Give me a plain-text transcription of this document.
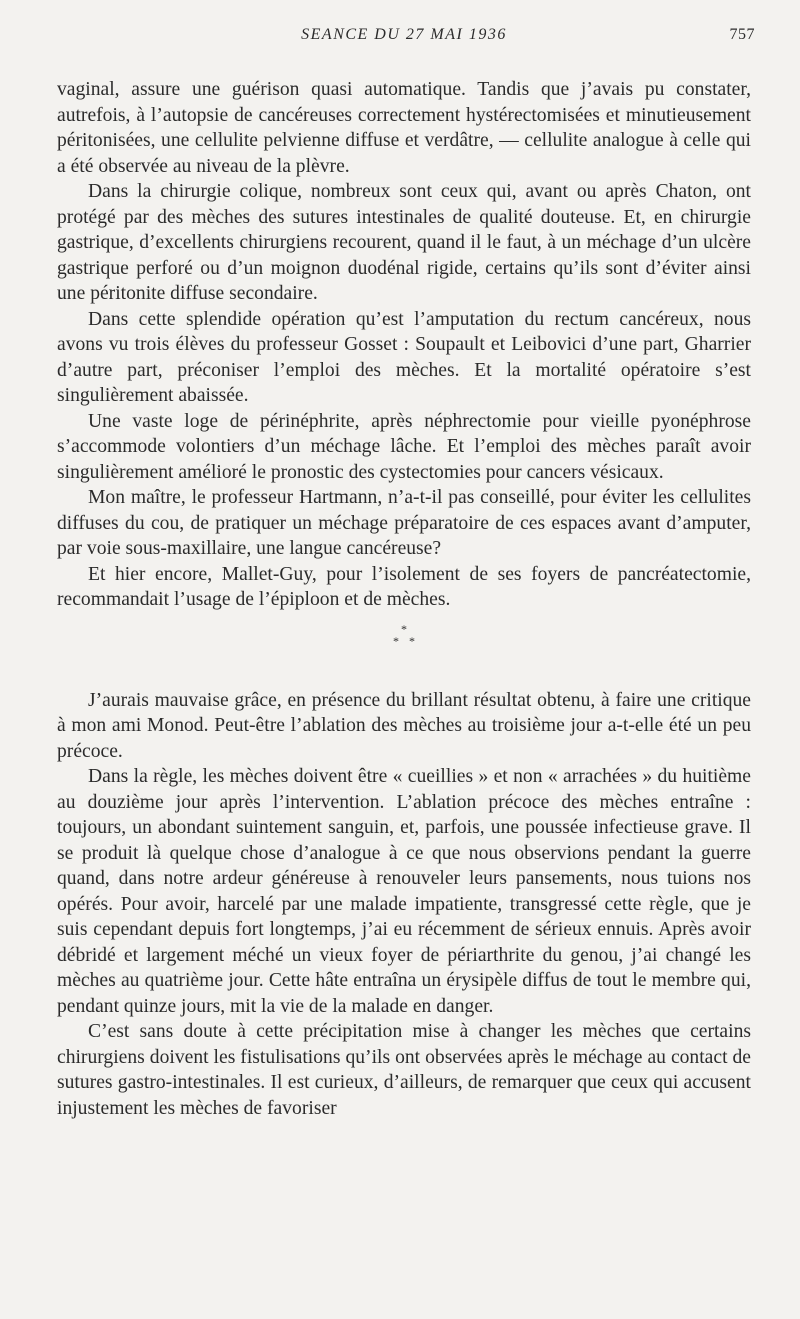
SEANCE DU 27 MAI 1936	757

vaginal, assure une guérison quasi automatique. Tandis que j’avais pu constater, autrefois, à l’autopsie de cancéreuses correctement hystérectomisées et minutieusement péritonisées, une cellulite pelvienne diffuse et verdâtre, — cellulite analogue à celle qui a été observée au niveau de la plèvre.

Dans la chirurgie colique, nombreux sont ceux qui, avant ou après Chaton, ont protégé par des mèches des sutures intestinales de qualité douteuse. Et, en chirurgie gastrique, d’excellents chirurgiens recourent, quand il le faut, à un méchage d’un ulcère gastrique perforé ou d’un moignon duodénal rigide, certains qu’ils sont d’éviter ainsi une péritonite diffuse secondaire.

Dans cette splendide opération qu’est l’amputation du rectum cancéreux, nous avons vu trois élèves du professeur Gosset : Soupault et Leibovici d’une part, Gharrier d’autre part, préconiser l’emploi des mèches. Et la mortalité opératoire s’est singulièrement abaissée.

Une vaste loge de périnéphrite, après néphrectomie pour vieille pyonéphrose s’accommode volontiers d’un méchage lâche. Et l’emploi des mèches paraît avoir singulièrement amélioré le pronostic des cystectomies pour cancers vésicaux.

Mon maître, le professeur Hartmann, n’a-t-il pas conseillé, pour éviter les cellulites diffuses du cou, de pratiquer un méchage préparatoire de ces espaces avant d’amputer, par voie sous-maxillaire, une langue cancéreuse?

Et hier encore, Mallet-Guy, pour l’isolement de ses foyers de pancréatectomie, recommandait l’usage de l’épiploon et de mèches.

*
**

J’aurais mauvaise grâce, en présence du brillant résultat obtenu, à faire une critique à mon ami Monod. Peut-être l’ablation des mèches au troisième jour a-t-elle été un peu précoce.

Dans la règle, les mèches doivent être « cueillies » et non « arrachées » du huitième au douzième jour après l’intervention. L’ablation précoce des mèches entraîne : toujours, un abondant suintement sanguin, et, parfois, une poussée infectieuse grave. Il se produit là quelque chose d’analogue à ce que nous observions pendant la guerre quand, dans notre ardeur généreuse à renouveler leurs pansements, nous tuions nos opérés. Pour avoir, harcelé par une malade impatiente, transgressé cette règle, que je suis cependant depuis fort longtemps, j’ai eu récemment de sérieux ennuis. Après avoir débridé et largement méché un vieux foyer de périarthrite du genou, j’ai changé les mèches au quatrième jour. Cette hâte entraîna un érysipèle diffus de tout le membre qui, pendant quinze jours, mit la vie de la malade en danger.

C’est sans doute à cette précipitation mise à changer les mèches que certains chirurgiens doivent les fistulisations qu’ils ont observées après le méchage au contact de sutures gastro-intestinales. Il est curieux, d’ailleurs, de remarquer que ceux qui accusent injustement les mèches de favoriser
